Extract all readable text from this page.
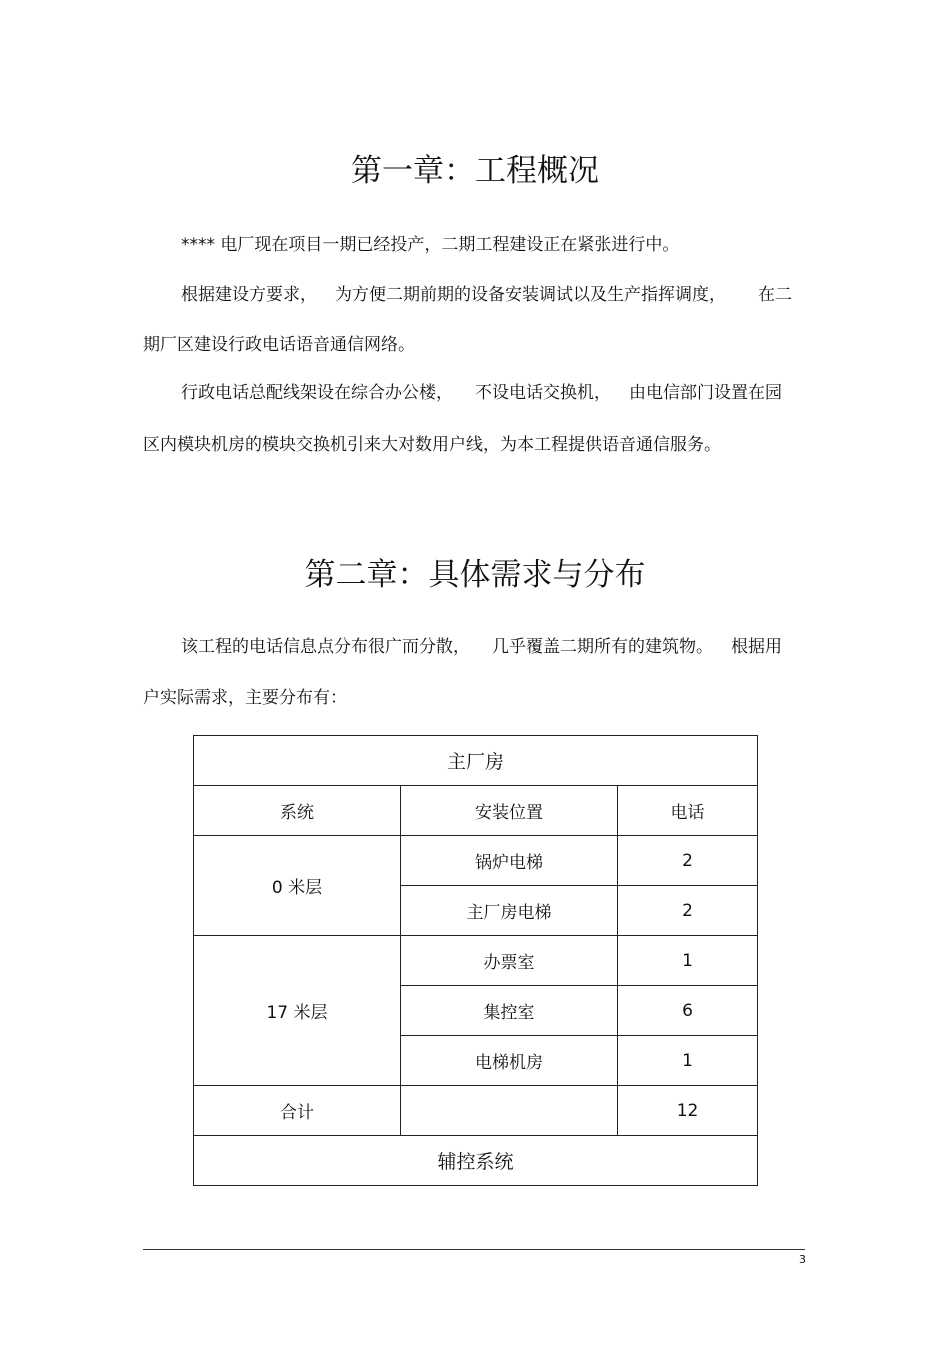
第一章：工程概况

**** 电厂现在项目一期已经投产，二期工程建设正在紧张进行中。

根据建设方要求， 为方便二期前期的设备安装调试以及生产指挥调度， 在二

期厂区建设行政电话语音通信网络。

行政电话总配线架设在综合办公楼， 不设电话交换机， 由电信部门设置在园

区内模块机房的模块交换机引来大对数用户线，为本工程提供语音通信服务。

第二章：具体需求与分布

该工程的电话信息点分布很广而分散， 几乎覆盖二期所有的建筑物。 根据用

户实际需求，主要分布有：

主厂房		
系统	安装位置	电话
0 米层	锅炉电梯	2
	主厂房电梯	2
17 米层	办票室	1
	集控室	6
	电梯机房	1
合计		12
辅控系统		
3
